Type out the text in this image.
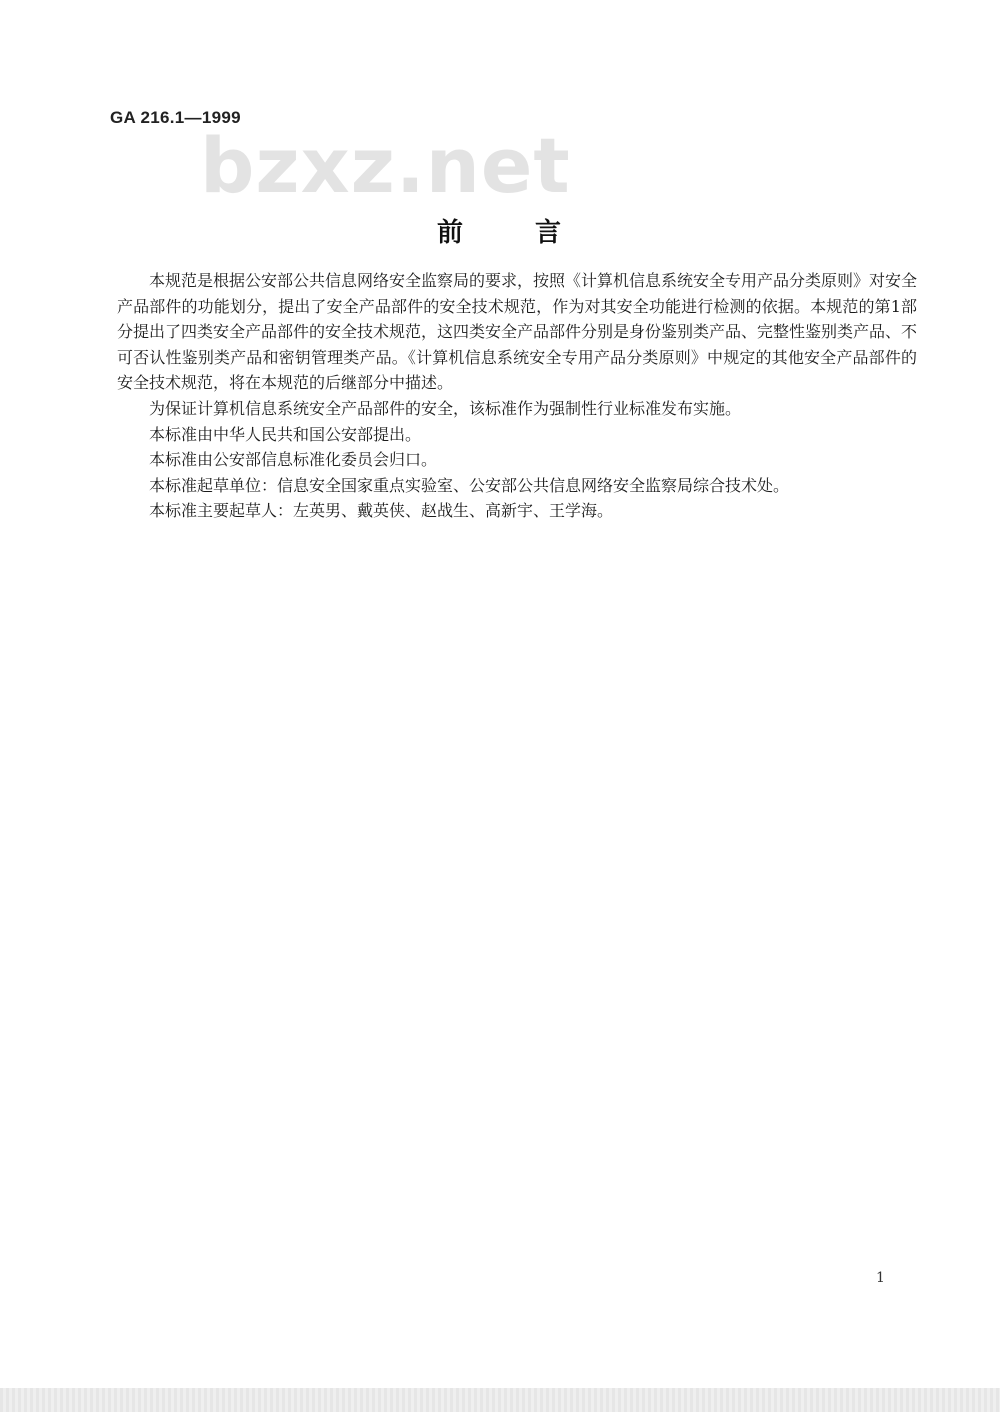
GA 216.1—1999
bzxz.net
前	言

本规范是根据公安部公共信息网络安全监察局的要求，按照《计算机信息系统安全专用产品分类原则》对安全产品部件的功能划分，提出了安全产品部件的安全技术规范，作为对其安全功能进行检测的依据。本规范的第1部分提出了四类安全产品部件的安全技术规范，这四类安全产品部件分别是身份鉴别类产品、完整性鉴别类产品、不可否认性鉴别类产品和密钥管理类产品。《计算机信息系统安全专用产品分类原则》中规定的其他安全产品部件的安全技术规范，将在本规范的后继部分中描述。

为保证计算机信息系统安全产品部件的安全，该标准作为强制性行业标准发布实施。

本标准由中华人民共和国公安部提出。

本标准由公安部信息标准化委员会归口。

本标准起草单位：信息安全国家重点实验室、公安部公共信息网络安全监察局综合技术处。

本标准主要起草人：左英男、戴英侠、赵战生、高新宇、王学海。

1
